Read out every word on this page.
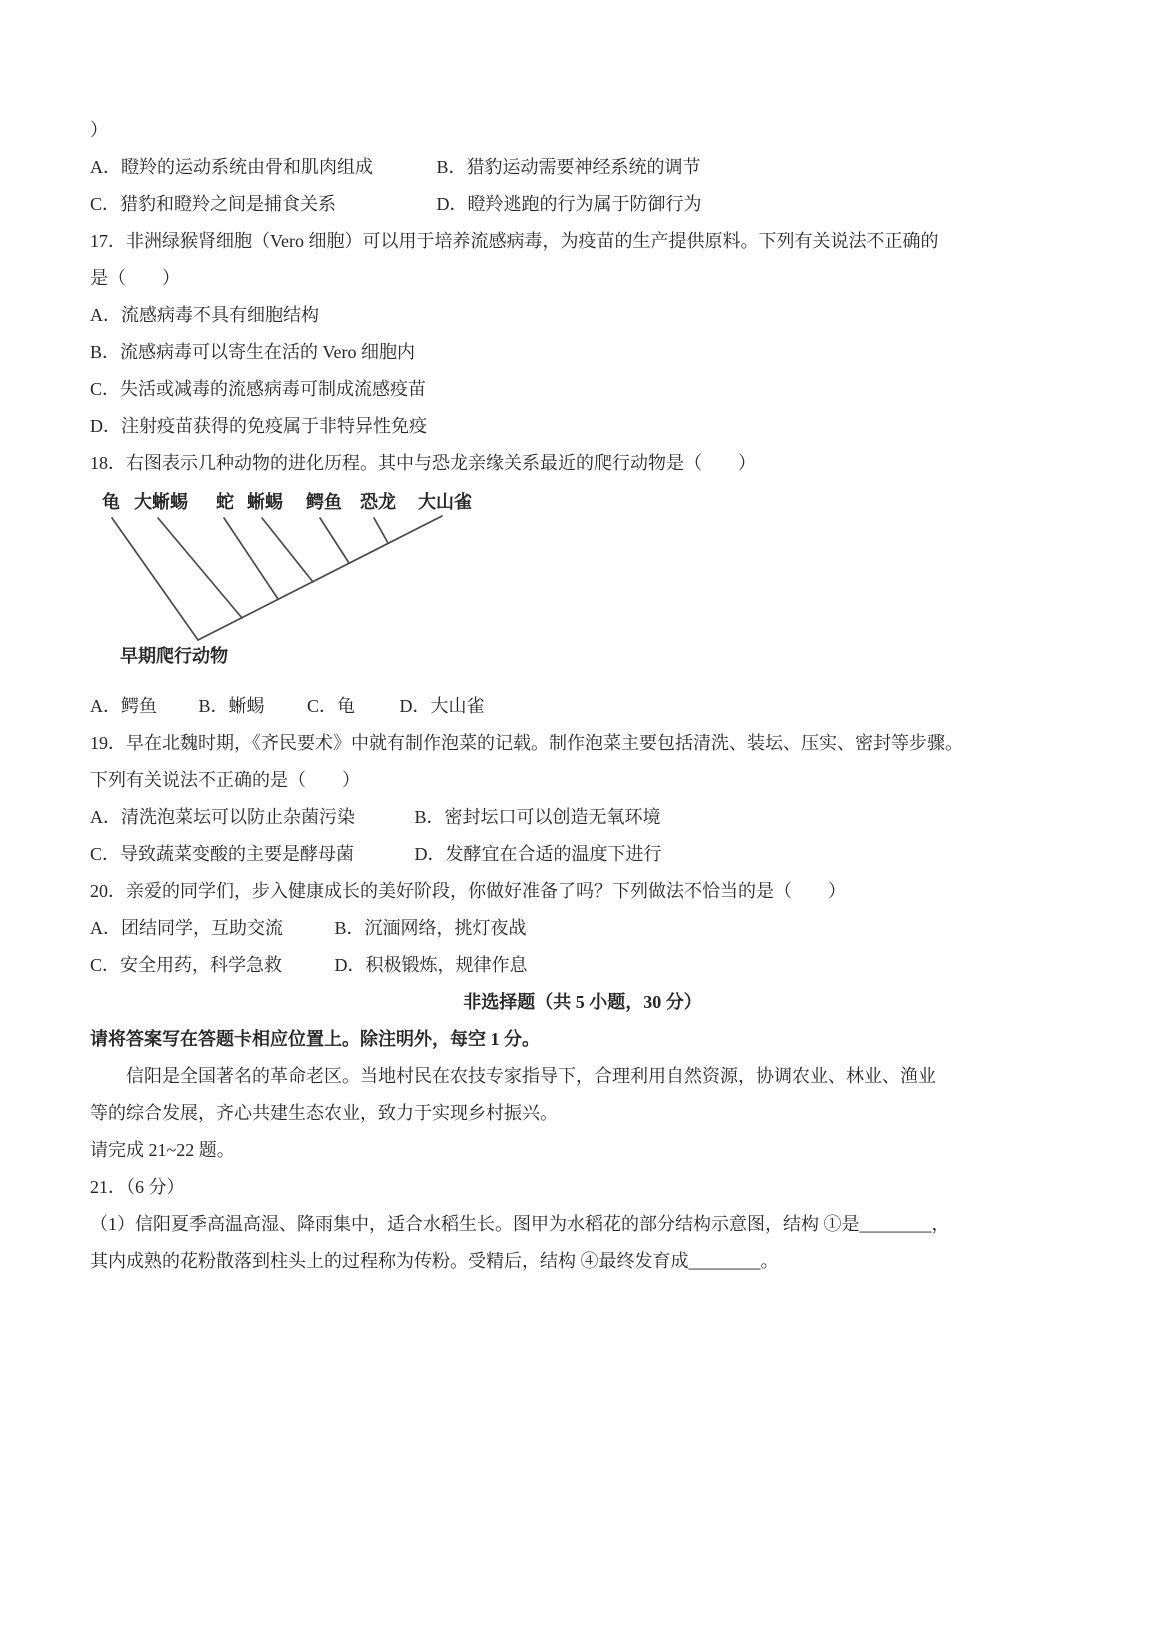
）
A．瞪羚的运动系统由骨和肌肉组成	B．猎豹运动需要神经系统的调节
C．猎豹和瞪羚之间是捕食关系	D．瞪羚逃跑的行为属于防御行为
17．非洲绿猴肾细胞（Vero 细胞）可以用于培养流感病毒，为疫苗的生产提供原料。下列有关说法不正确的
是（　　）
A．流感病毒不具有细胞结构
B．流感病毒可以寄生在活的 Vero 细胞内
C．失活或减毒的流感病毒可制成流感疫苗
D．注射疫苗获得的免疫属于非特异性免疫
18．右图表示几种动物的进化历程。其中与恐龙亲缘关系最近的爬行动物是（　　）
龟 大蜥蜴 蛇 蜥蜴 鳄鱼 恐龙 大山雀
早期爬行动物
A．鳄鱼 B．蜥蜴 C．龟 D．大山雀
19．早在北魏时期，《齐民要术》中就有制作泡菜的记载。制作泡菜主要包括清洗、装坛、压实、密封等步骤。
下列有关说法不正确的是（　　）
A．清洗泡菜坛可以防止杂菌污染	B．密封坛口可以创造无氧环境
C．导致蔬菜变酸的主要是酵母菌	D．发酵宜在合适的温度下进行
20．亲爱的同学们，步入健康成长的美好阶段，你做好准备了吗？下列做法不恰当的是（　　）
A．团结同学，互助交流	B．沉湎网络，挑灯夜战
C．安全用药，科学急救	D．积极锻炼，规律作息
非选择题（共 5 小题，30 分）
请将答案写在答题卡相应位置上。除注明外，每空 1 分。
信阳是全国著名的革命老区。当地村民在农技专家指导下，合理利用自然资源，协调农业、林业、渔业
等的综合发展，齐心共建生态农业，致力于实现乡村振兴。
请完成 21~22 题。
21．（6 分）
（1）信阳夏季高温高湿、降雨集中，适合水稻生长。图甲为水稻花的部分结构示意图，结构 ①是________，
其内成熟的花粉散落到柱头上的过程称为传粉。受精后，结构 ④最终发育成________。
